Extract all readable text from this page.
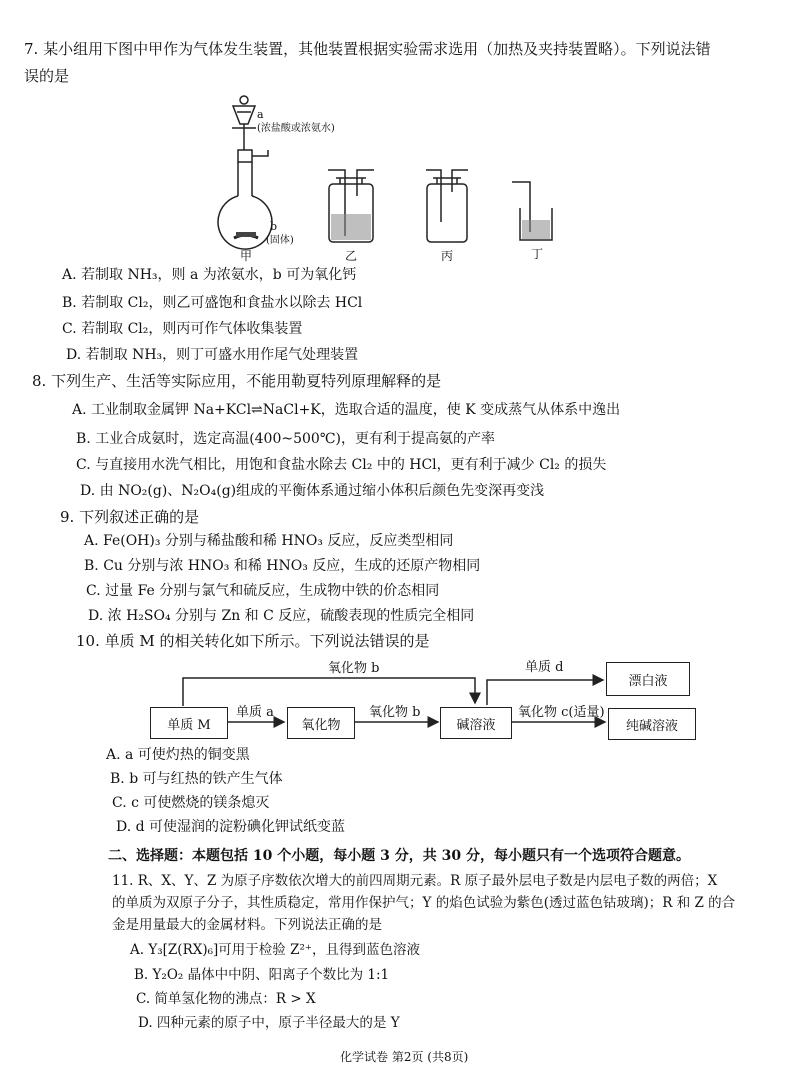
7. 某小组用下图中甲作为气体发生装置，其他装置根据实验需求选用（加热及夹持装置略）。下列说法错
误的是
a
(浓盐酸或浓氨水)
b
(固体)
甲	乙	丙	丁
A. 若制取 NH₃，则 a 为浓氨水，b 可为氧化钙
B. 若制取 Cl₂，则乙可盛饱和食盐水以除去 HCl
C. 若制取 Cl₂，则丙可作气体收集装置
D. 若制取 NH₃，则丁可盛水用作尾气处理装置
8. 下列生产、生活等实际应用，不能用勒夏特列原理解释的是
A. 工业制取金属钾 Na+KCl⇌NaCl+K，选取合适的温度，使 K 变成蒸气从体系中逸出
B. 工业合成氨时，选定高温(400~500℃)，更有利于提高氨的产率
C. 与直接用水洗气相比，用饱和食盐水除去 Cl₂ 中的 HCl，更有利于减少 Cl₂ 的损失
D. 由 NO₂(g)、N₂O₄(g)组成的平衡体系通过缩小体积后颜色先变深再变浅
9. 下列叙述正确的是
A. Fe(OH)₃ 分别与稀盐酸和稀 HNO₃ 反应，反应类型相同
B. Cu 分别与浓 HNO₃ 和稀 HNO₃ 反应，生成的还原产物相同
C. 过量 Fe 分别与氯气和硫反应，生成物中铁的价态相同
D. 浓 H₂SO₄ 分别与 Zn 和 C 反应，硫酸表现的性质完全相同
10. 单质 M 的相关转化如下所示。下列说法错误的是
单质 M	氧化物	碱溶液
漂白液
纯碱溶液
氧化物 b
单质 a	氧化物 b
单质 d
氧化物 c(适量)
A. a 可使灼热的铜变黑
B. b 可与红热的铁产生气体
C. c 可使燃烧的镁条熄灭
D. d 可使湿润的淀粉碘化钾试纸变蓝
二、选择题：本题包括 10 个小题，每小题 3 分，共 30 分，每小题只有一个选项符合题意。
11. R、X、Y、Z 为原子序数依次增大的前四周期元素。R 原子最外层电子数是内层电子数的两倍；X
的单质为双原子分子，其性质稳定，常用作保护气；Y 的焰色试验为紫色(透过蓝色钴玻璃)；R 和 Z 的合
金是用量最大的金属材料。下列说法正确的是
A. Y₃[Z(RX)₆]可用于检验 Z²⁺，且得到蓝色溶液
B. Y₂O₂ 晶体中中阴、阳离子个数比为 1:1
C. 简单氢化物的沸点：R > X
D. 四种元素的原子中，原子半径最大的是 Y
化学试卷 第2页 (共8页)
